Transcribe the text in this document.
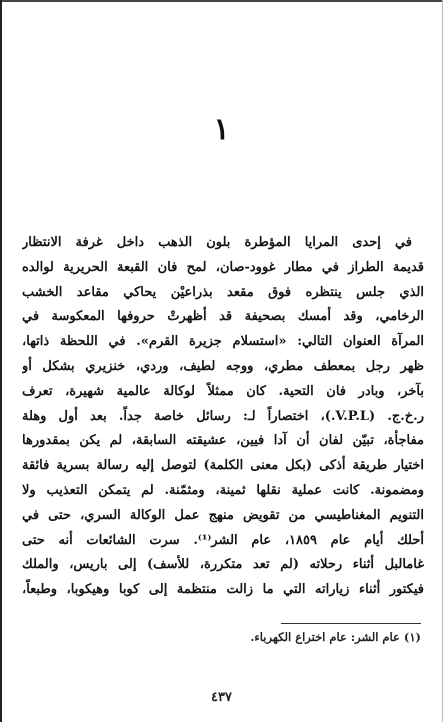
١
في إحدى المرايا المؤطرة بلون الذهب داخل غرفة الانتظار
قديمة الطراز في مطار غوود-صان، لمح فان القبعة الحريرية لوالده
الذي جلس ينتظره فوق مقعد بذراعيْن يحاكي مقاعد الخشب
الرخامي، وقد أمسك بصحيفة قد أظهرتْ حروفها المعكوسة في
المرآة العنوان التالي: «استسلام جزيرة القرم». في اللحظة ذاتها،
ظهر رجل بمعطف مطري، ووجه لطيف، وردي، خنزيري بشكل أو
بآخر، وبادر فان التحية. كان ممثلاً لوكالة عالمية شهيرة، تعرف
ر.خ.ج. (V.P.L.)، اختصاراً لـ: رسائل خاصة جداً. بعد أول وهلة
مفاجأة، تبيّن لفان أن آدا فيين، عشيقته السابقة، لم يكن بمقدورها
اختيار طريقة أذكى (بكل معنى الكلمة) لتوصل إليه رسالة بسرية فائقة
ومضمونة. كانت عملية نقلها ثمينة، ومثمّنة. لم يتمكن التعذيب ولا
التنويم المغناطيسي من تقويض منهج عمل الوكالة السري، حتى في
أحلك أيام عام ١٨٥٩، عام الشر⁽¹⁾. سرت الشائعات أنه حتى
غامالبل أثناء رحلاته (لم تعد متكررة، للأسف) إلى باريس، والملك
فيكتور أثناء زياراته التي ما زالت منتظمة إلى كوبا وهيكوبا، وطبعاً،
(١) عام الشر: عام اختراع الكهرباء.
٤٣٧
